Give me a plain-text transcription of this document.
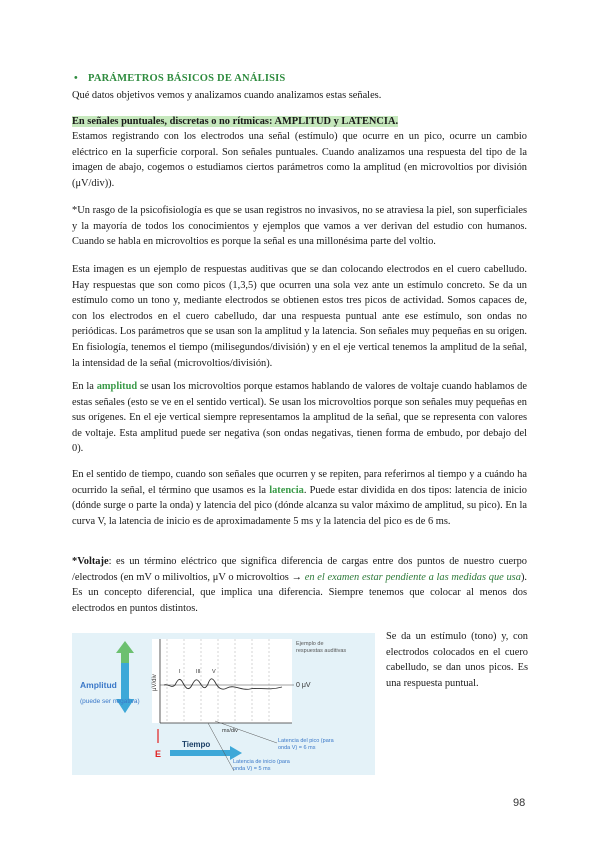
• PARÁMETROS BÁSICOS DE ANÁLISIS

Qué datos objetivos vemos y analizamos cuando analizamos estas señales.

En señales puntuales, discretas o no rítmicas: AMPLITUD y LATENCIA.

Estamos registrando con los electrodos una señal (estímulo) que ocurre en un pico, ocurre un cambio eléctrico en la superficie corporal. Son señales puntuales. Cuando analizamos una respuesta del tipo de la imagen de abajo, cogemos o estudiamos ciertos parámetros como la amplitud (en microvoltios por división (μV/div)).

*Un rasgo de la psicofisiología es que se usan registros no invasivos, no se atraviesa la piel, son superficiales y la mayoría de todos los conocimientos y ejemplos que vamos a ver derivan del estudio con humanos. Cuando se habla en microvoltios es porque la señal es una millonésima parte del voltio.

Esta imagen es un ejemplo de respuestas auditivas que se dan colocando electrodos en el cuero cabelludo. Hay respuestas que son como picos (1,3,5) que ocurren una sola vez ante un estímulo concreto. Se da un estímulo como un tono y, mediante electrodos se obtienen estos tres picos de actividad. Somos capaces de, con los electrodos en el cuero cabelludo, dar una respuesta puntual ante ese estímulo, son ondas no periódicas. Los parámetros que se usan son la amplitud y la latencia. Son señales muy pequeñas en su origen. En fisiología, tenemos el tiempo (milisegundos/división) y en el eje vertical tenemos la amplitud de la señal, la intensidad de la señal (microvoltios/división).

En la amplitud se usan los microvoltios porque estamos hablando de valores de voltaje cuando hablamos de estas señales (esto se ve en el sentido vertical). Se usan los microvoltios porque son señales muy pequeñas en sus orígenes. En el eje vertical siempre representamos la amplitud de la señal, que se representa con valores de voltaje. Esta amplitud puede ser negativa (son ondas negativas, tienen forma de embudo, por debajo del 0).

En el sentido de tiempo, cuando son señales que ocurren y se repiten, para referirnos al tiempo y a cuándo ha ocurrido la señal, el término que usamos es la latencia. Puede estar dividida en dos tipos: latencia de inicio (dónde surge o parte la onda) y latencia del pico (dónde alcanza su valor máximo de amplitud, su pico). En la curva V, la latencia de inicio es de aproximadamente 5 ms y la latencia del pico es de 6 ms.

*Voltaje: es un término eléctrico que significa diferencia de cargas entre dos puntos de nuestro cuerpo /electrodos (en mV o milivoltios, μV o microvoltios → en el examen estar pendiente a las medidas que usa). Es un concepto diferencial, que implica una diferencia. Siempre tenemos que colocar al menos dos electrodos en puntos distintos.

Amplitud
(puede ser negativa)
μV/div
ms/div
0 μV
I	III V
Ejemplo de respuestas auditivas
Tiempo
E
Latencia del pico (para onda V) = 6 ms
Latencia de inicio (para onda V) = 5 ms

Se da un estímulo (tono) y, con electrodos colocados en el cuero cabelludo, se dan unos picos. Es una respuesta puntual.

98
